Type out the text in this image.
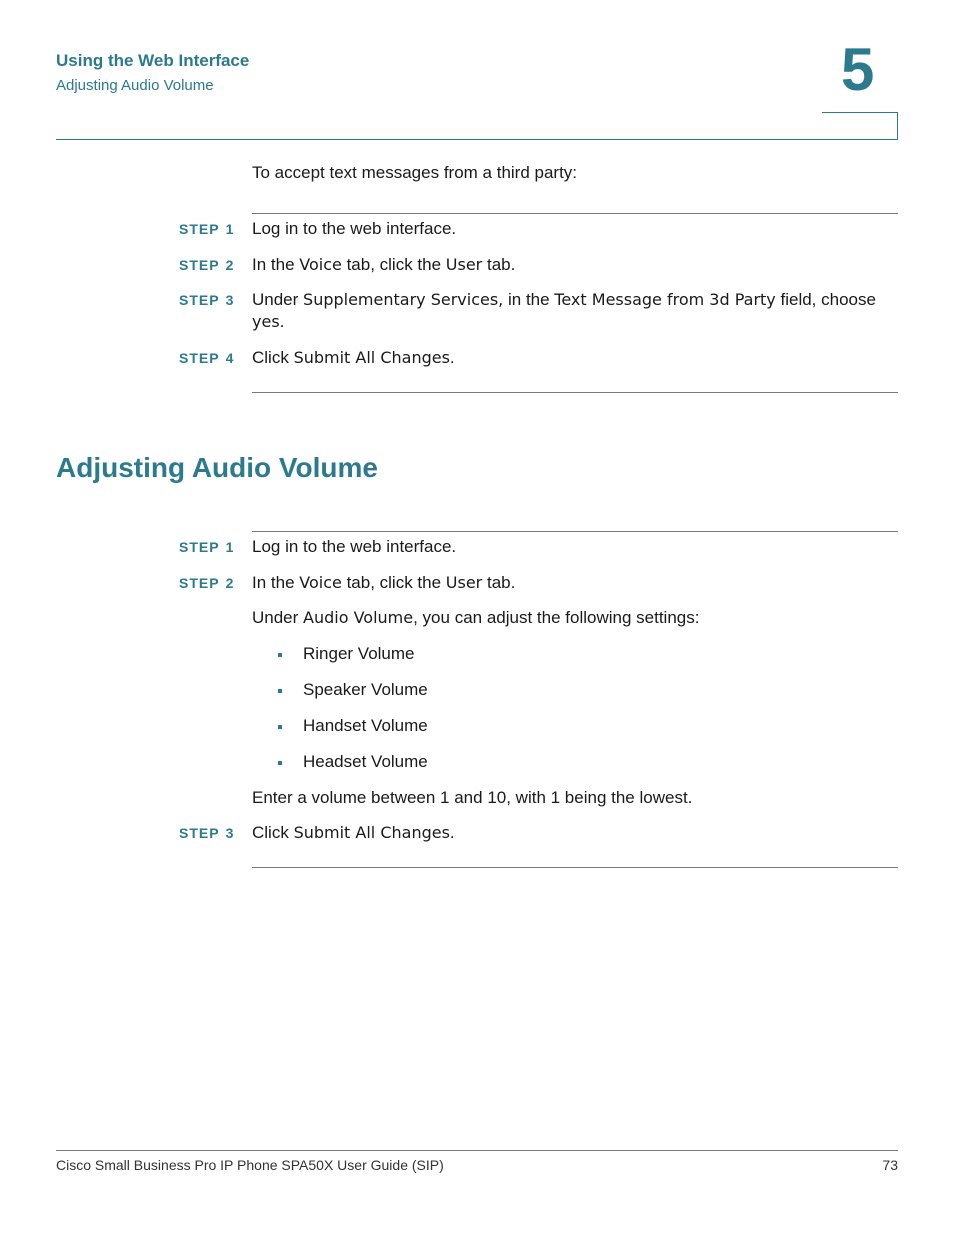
Using the Web Interface
Adjusting Audio Volume	5
To accept text messages from a third party:
STEP 1 Log in to the web interface.
STEP 2 In the Voice tab, click the User tab.
STEP 3 Under Supplementary Services, in the Text Message from 3d Party field, choose yes.
STEP 4 Click Submit All Changes.
Adjusting Audio Volume
STEP 1 Log in to the web interface.
STEP 2 In the Voice tab, click the User tab.
Under Audio Volume, you can adjust the following settings:
Ringer Volume
Speaker Volume
Handset Volume
Headset Volume
Enter a volume between 1 and 10, with 1 being the lowest.
STEP 3 Click Submit All Changes.
Cisco Small Business Pro IP Phone SPA50X User Guide (SIP)	73
